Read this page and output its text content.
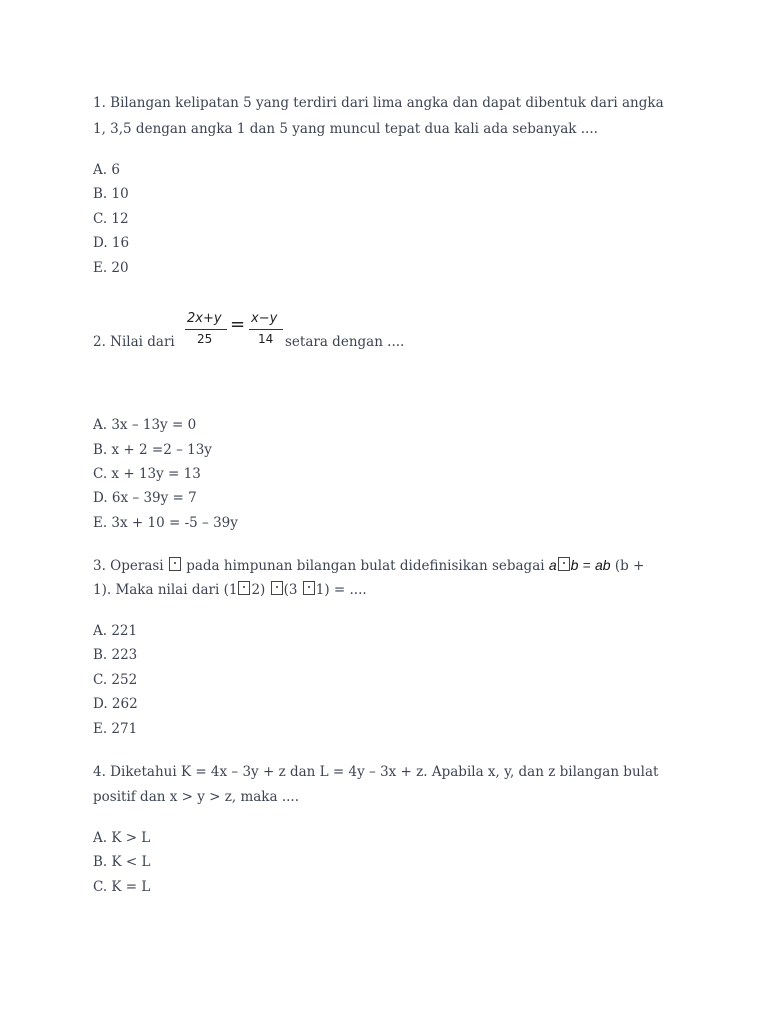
1. Bilangan kelipatan 5 yang terdiri dari lima angka dan dapat dibentuk dari angka
1, 3,5 dengan angka 1 dan 5 yang muncul tepat dua kali ada sebanyak ....
A. 6
B. 10
C. 12
D. 16
E. 20
2. Nilai dari
2x+y
25
= x−y
14 setara dengan ....
A. 3x – 13y = 0
B. x + 2 =2 – 13y
C. x + 13y = 13
D. 6x – 39y = 7
E. 3x + 10 = -5 – 39y
3. Operasi pada himpunan bilangan bulat didefinisikan sebagai a b = ab (b +
1). Maka nilai dari (1 2) (3 1) = ....
A. 221
B. 223
C. 252
D. 262
E. 271
4. Diketahui K = 4x – 3y + z dan L = 4y – 3x + z. Apabila x, y, dan z bilangan bulat
positif dan x > y > z, maka ....
A. K > L
B. K < L
C. K = L
